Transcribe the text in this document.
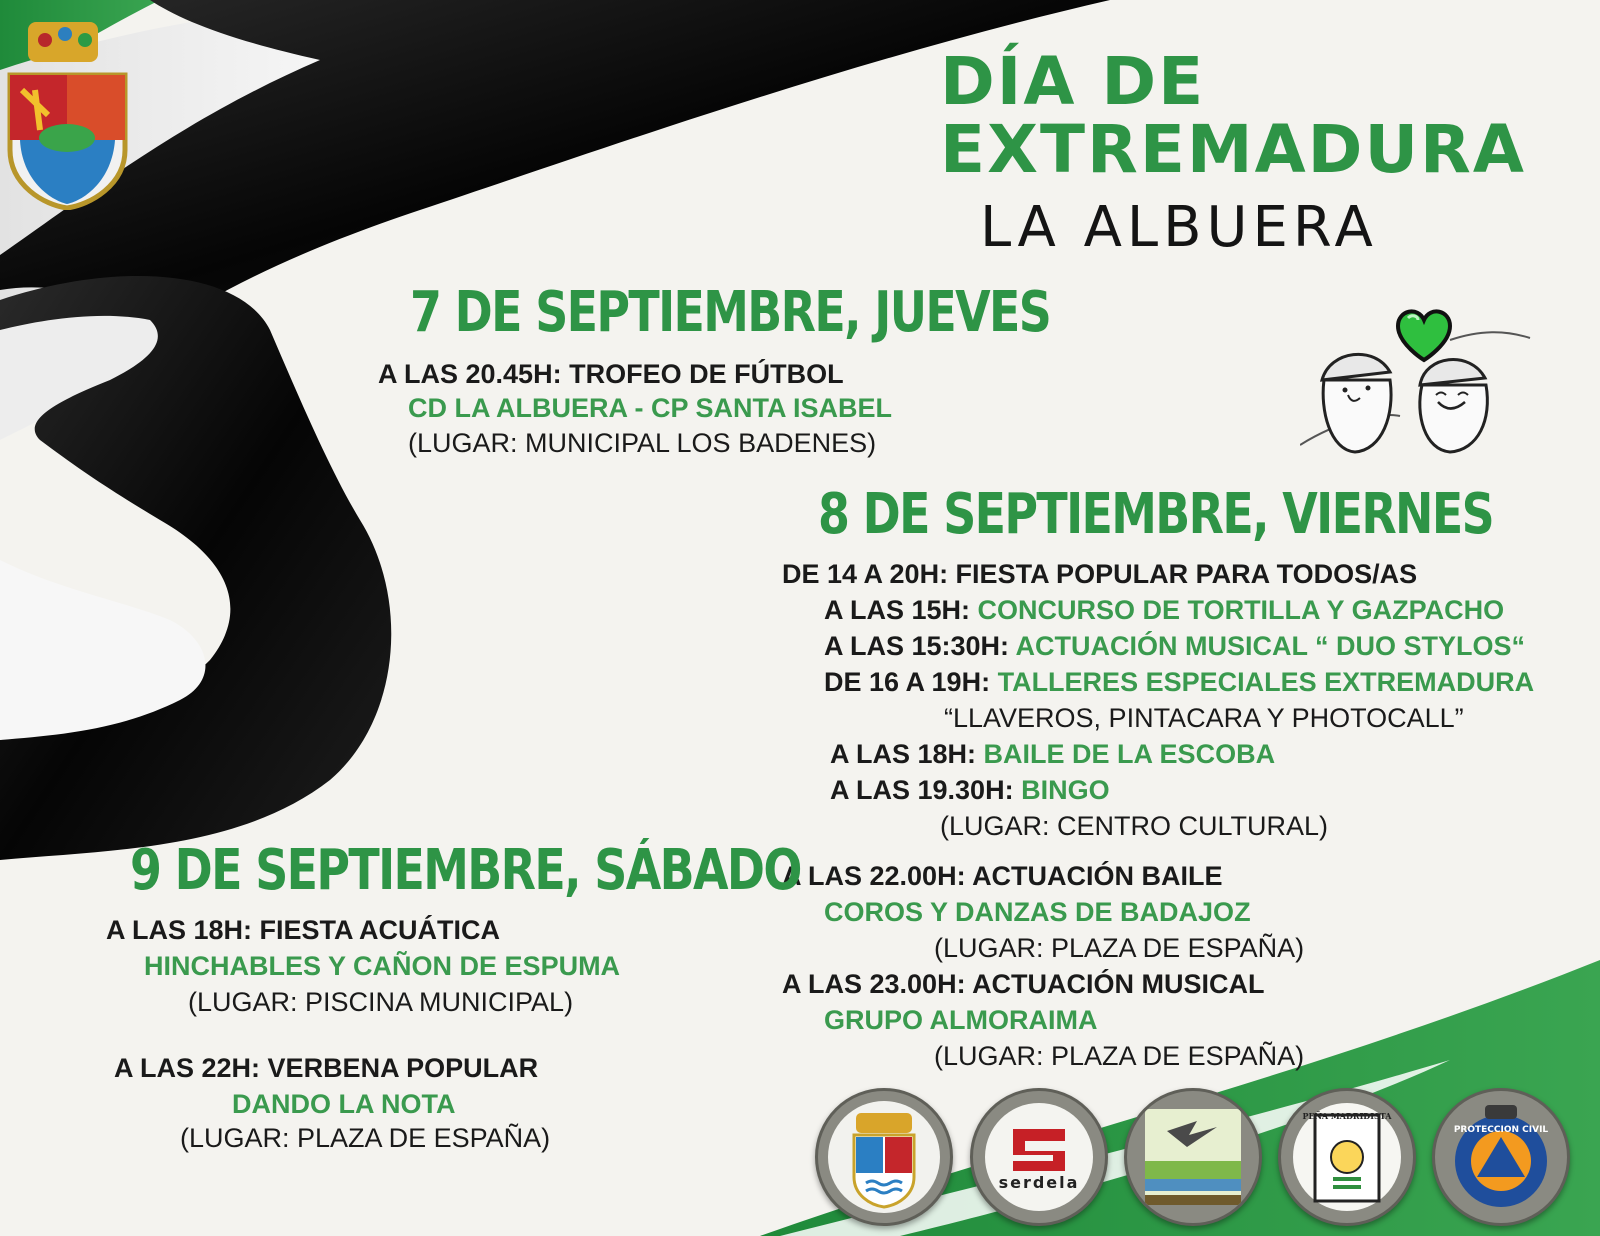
DÍA DE
EXTREMADURA
LA ALBUERA
7 DE SEPTIEMBRE, JUEVES
A LAS 20.45H: TROFEO DE FÚTBOL
CD LA ALBUERA - CP SANTA ISABEL
(LUGAR: MUNICIPAL LOS BADENES)
8 DE SEPTIEMBRE, VIERNES
DE 14 A 20H: FIESTA POPULAR PARA TODOS/AS
A LAS 15H: CONCURSO DE TORTILLA Y GAZPACHO
A LAS 15:30H: ACTUACIÓN MUSICAL “ DUO STYLOS“
DE 16 A 19H: TALLERES ESPECIALES EXTREMADURA
“LLAVEROS, PINTACARA Y PHOTOCALL”
A LAS 18H: BAILE DE LA ESCOBA
A LAS 19.30H: BINGO
(LUGAR: CENTRO CULTURAL)
A LAS 22.00H: ACTUACIÓN BAILE
COROS Y DANZAS DE BADAJOZ
(LUGAR: PLAZA DE ESPAÑA)
A LAS 23.00H: ACTUACIÓN MUSICAL
GRUPO ALMORAIMA
(LUGAR: PLAZA DE ESPAÑA)
9 DE SEPTIEMBRE, SÁBADO
A LAS 18H: FIESTA ACUÁTICA
HINCHABLES Y CAÑON DE ESPUMA
(LUGAR: PISCINA MUNICIPAL)
A LAS 22H: VERBENA POPULAR
DANDO LA NOTA
(LUGAR: PLAZA DE ESPAÑA)
serdela
PEÑA MADRIDISTA
PROTECCION CIVIL
